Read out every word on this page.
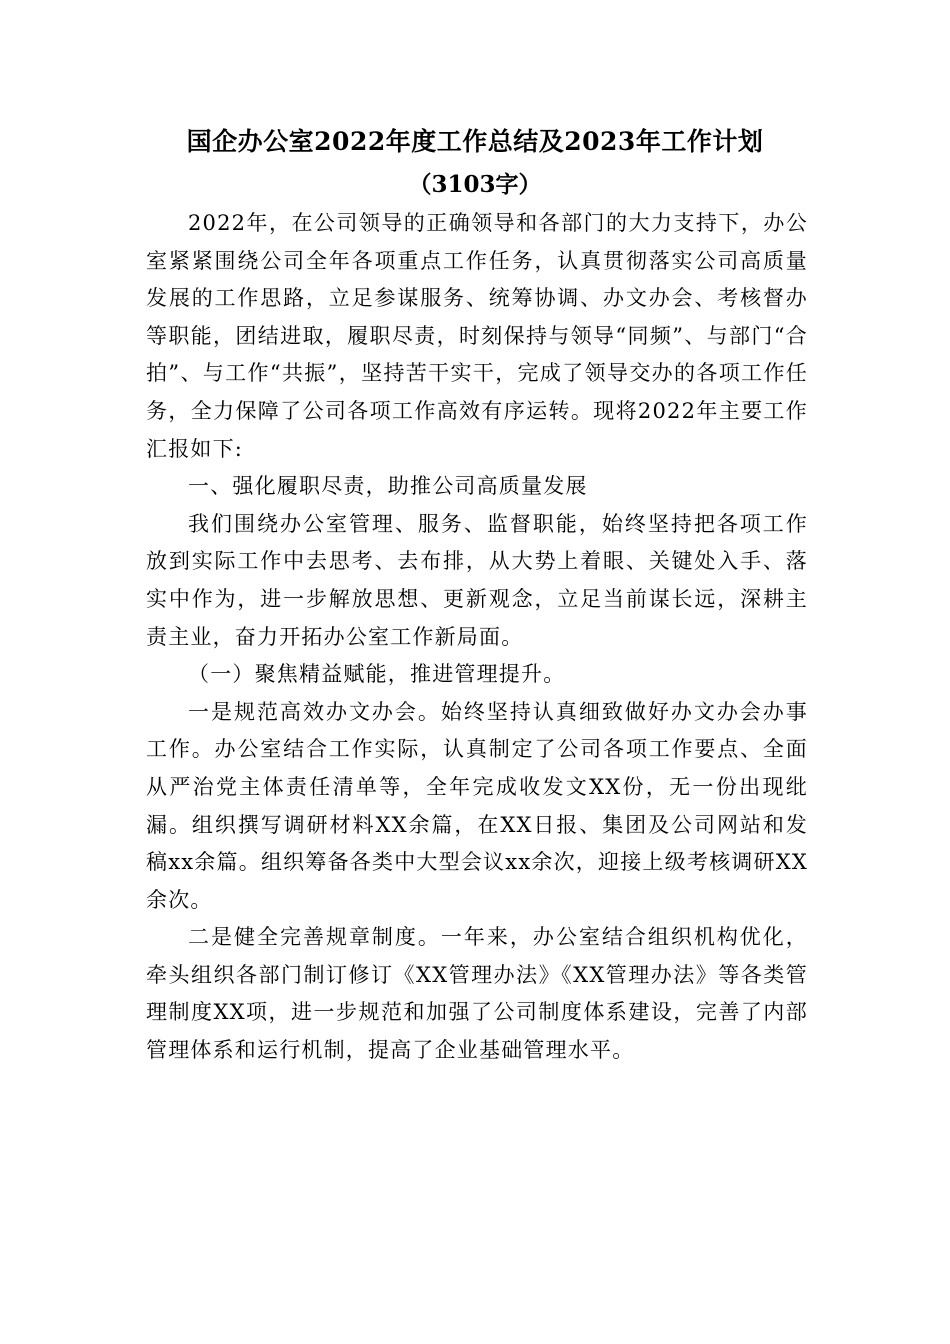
国企办公室2022年度工作总结及2023年工作计划
（3103字）

2022年，在公司领导的正确领导和各部门的大力支持下，办公室紧紧围绕公司全年各项重点工作任务，认真贯彻落实公司高质量发展的工作思路，立足参谋服务、统筹协调、办文办会、考核督办等职能，团结进取，履职尽责，时刻保持与领导“同频”、与部门“合拍”、与工作“共振”，坚持苦干实干，完成了领导交办的各项工作任务，全力保障了公司各项工作高效有序运转。现将2022年主要工作汇报如下:

一、强化履职尽责，助推公司高质量发展

我们围绕办公室管理、服务、监督职能，始终坚持把各项工作放到实际工作中去思考、去布排，从大势上着眼、关键处入手、落实中作为，进一步解放思想、更新观念，立足当前谋长远，深耕主责主业，奋力开拓办公室工作新局面。

（一）聚焦精益赋能，推进管理提升。

一是规范高效办文办会。始终坚持认真细致做好办文办会办事工作。办公室结合工作实际，认真制定了公司各项工作要点、全面从严治党主体责任清单等，全年完成收发文XX份，无一份出现纰漏。组织撰写调研材料XX余篇，在XX日报、集团及公司网站和发稿xx余篇。组织筹备各类中大型会议xx余次，迎接上级考核调研XX余次。

二是健全完善规章制度。一年来，办公室结合组织机构优化，牵头组织各部门制订修订《XX管理办法》《XX管理办法》等各类管理制度XX项，进一步规范和加强了公司制度体系建设，完善了内部管理体系和运行机制，提高了企业基础管理水平。
